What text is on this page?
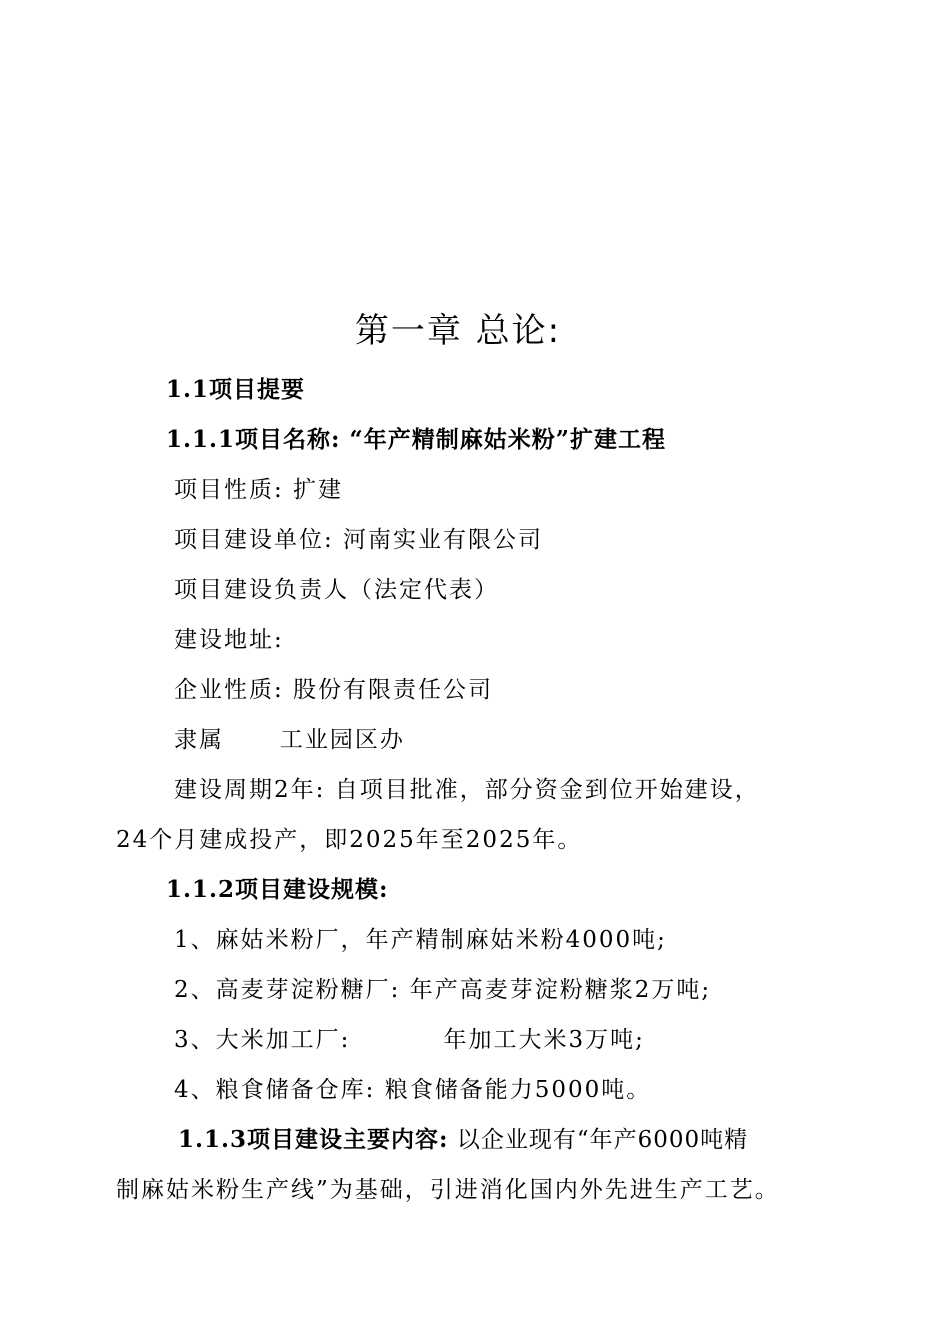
第一章 总论:
1.1项目提要
1.1.1项目名称: “年产精制麻姑米粉”扩建工程
项目性质: 扩建
项目建设单位: 河南实业有限公司
项目建设负责人（法定代表）
建设地址:
企业性质: 股份有限责任公司
隶属      工业园区办
建设周期2年: 自项目批准，部分资金到位开始建设，
24个月建成投产，即2025年至2025年。
1.1.2项目建设规模:
1、麻姑米粉厂，年产精制麻姑米粉4000吨;
2、高麦芽淀粉糖厂: 年产高麦芽淀粉糖浆2万吨;
3、大米加工厂:          年加工大米3万吨;
4、粮食储备仓库: 粮食储备能力5000吨。
1.1.3项目建设主要内容: 以企业现有“年产6000吨精
制麻姑米粉生产线”为基础，引进消化国内外先进生产工艺。
